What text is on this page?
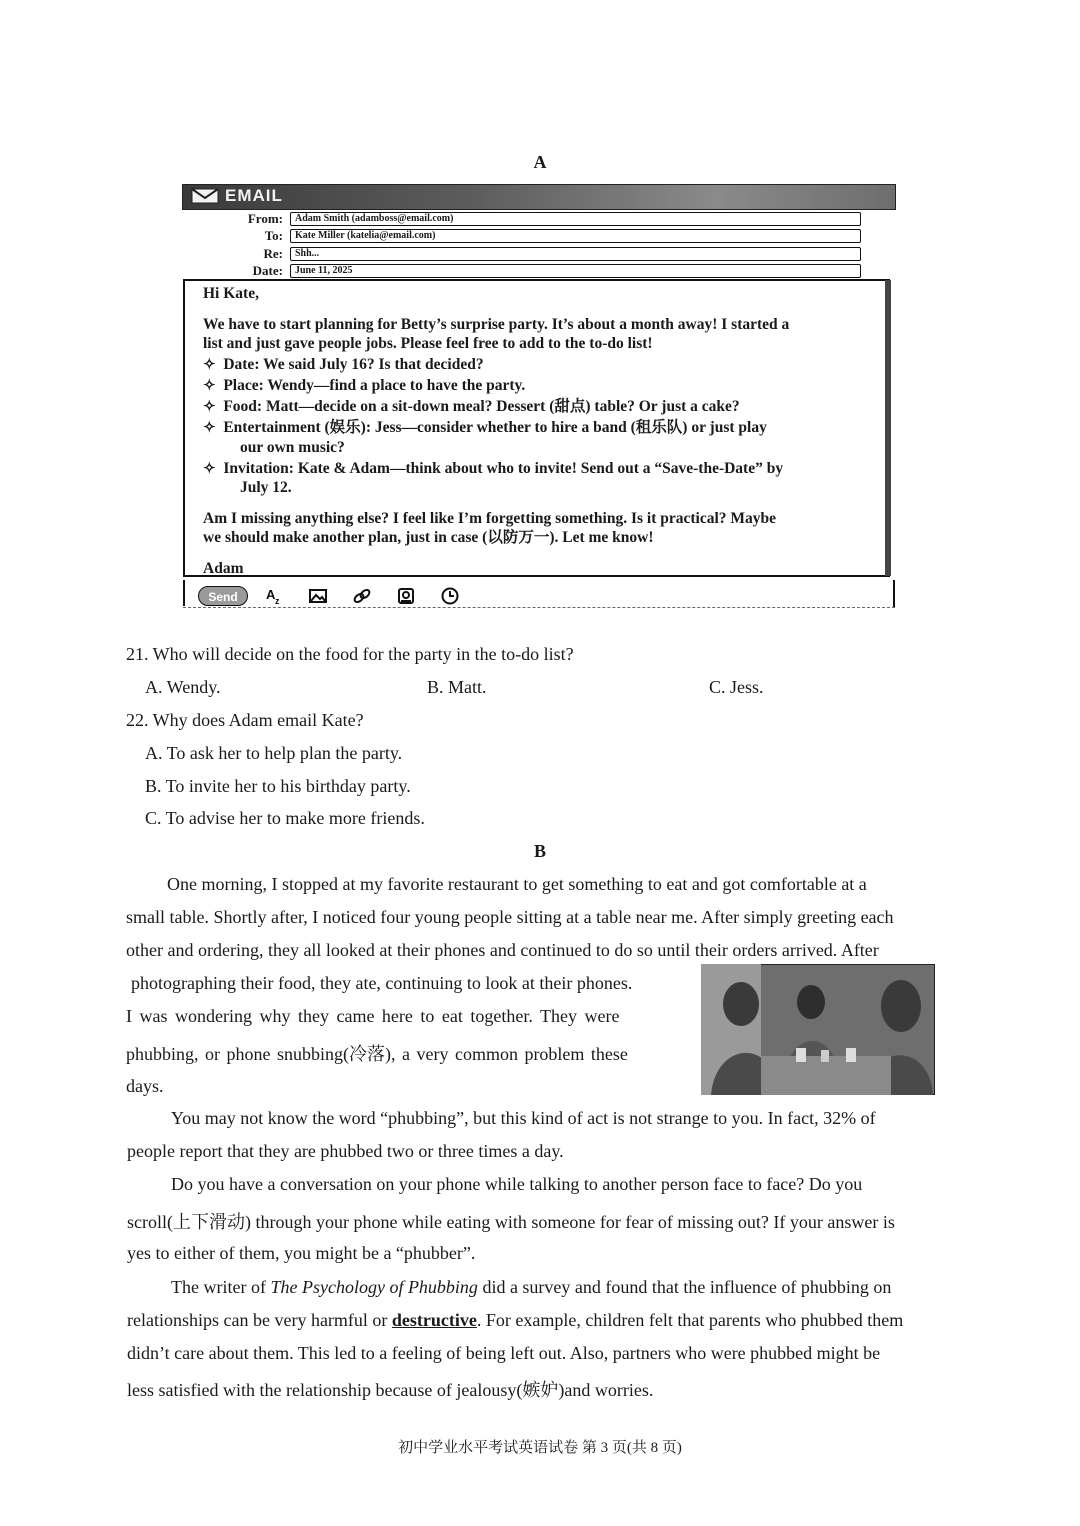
A
EMAIL
From:	Adam Smith (adamboss@email.com)
To:	Kate Miller (katelia@email.com)
Re:	Shh...
Date:	June 11, 2025
Hi Kate,
We have to start planning for Betty’s surprise party. It’s about a month away! I started a
list and just gave people jobs. Please feel free to add to the to-do list!
✧ Date: We said July 16? Is that decided?
✧ Place: Wendy—find a place to have the party.
✧ Food: Matt—decide on a sit-down meal? Dessert (甜点) table? Or just a cake?
✧ Entertainment (娱乐): Jess—consider whether to hire a band (租乐队) or just play
our own music?
✧ Invitation: Kate & Adam—think about who to invite! Send out a “Save-the-Date” by
July 12.
Am I missing anything else? I feel like I’m forgetting something. Is it practical? Maybe
we should make another plan, just in case (以防万一). Let me know!
Adam
Send	A z
21. Who will decide on the food for the party in the to-do list?
A. Wendy.	B. Matt.	C. Jess.
22. Why does Adam email Kate?
A. To ask her to help plan the party.
B. To invite her to his birthday party.
C. To advise her to make more friends.
B
One morning, I stopped at my favorite restaurant to get something to eat and got comfortable at a
small table. Shortly after, I noticed four young people sitting at a table near me. After simply greeting each
other and ordering, they all looked at their phones and continued to do so until their orders arrived. After
photographing their food, they ate, continuing to look at their phones.
I was wondering why they came here to eat together. They were
phubbing, or phone snubbing(冷落), a very common problem these
days.
You may not know the word “phubbing”, but this kind of act is not strange to you. In fact, 32% of
people report that they are phubbed two or three times a day.
Do you have a conversation on your phone while talking to another person face to face? Do you
scroll(上下滑动) through your phone while eating with someone for fear of missing out? If your answer is
yes to either of them, you might be a “phubber”.
The writer of The Psychology of Phubbing did a survey and found that the influence of phubbing on
relationships can be very harmful or destructive. For example, children felt that parents who phubbed them
didn’t care about them. This led to a feeling of being left out. Also, partners who were phubbed might be
less satisfied with the relationship because of jealousy(嫉妒)and worries.
初中学业水平考试英语试卷 第 3 页(共 8 页)
